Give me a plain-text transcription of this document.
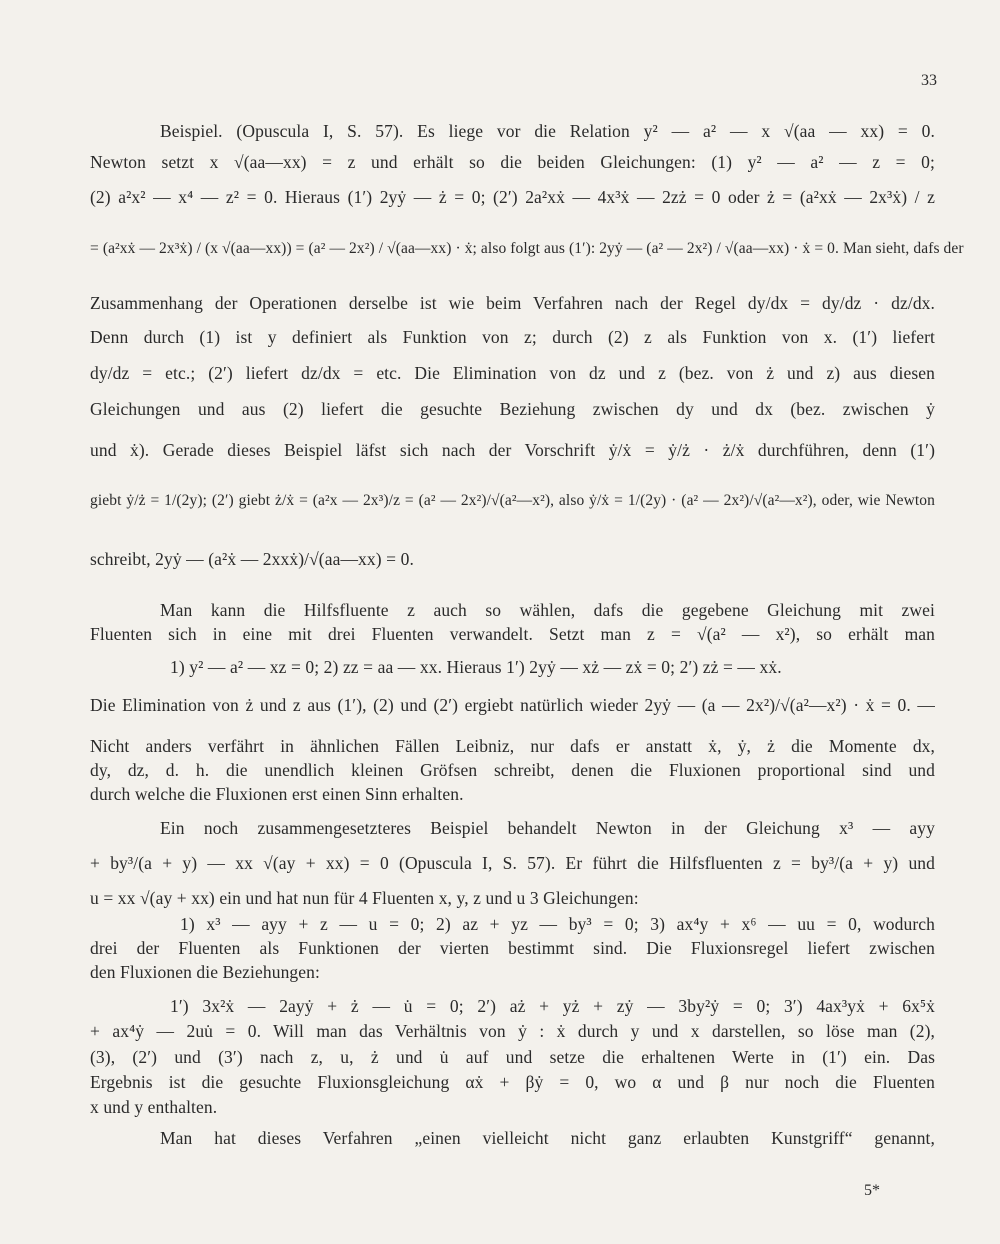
33
Beispiel. (Opuscula I, S. 57). Es liege vor die Relation y² — a² — x √(aa — xx) = 0.
Newton setzt x √(aa—xx) = z und erhält so die beiden Gleichungen: (1) y² — a² — z = 0;
(2) a²x² — x⁴ — z² = 0. Hieraus (1′) 2yẏ — ż = 0; (2′) 2a²xẋ — 4x³ẋ — 2zż = 0 oder ż = (a²xẋ — 2x³ẋ) / z
= (a²xẋ — 2x³ẋ) / (x √(aa—xx)) = (a² — 2x²) / √(aa—xx) · ẋ; also folgt aus (1′): 2yẏ — (a² — 2x²) / √(aa—xx) · ẋ = 0. Man sieht, dafs der
Zusammenhang der Operationen derselbe ist wie beim Verfahren nach der Regel dy/dx = dy/dz · dz/dx.
Denn durch (1) ist y definiert als Funktion von z; durch (2) z als Funktion von x. (1′) liefert
dy/dz = etc.; (2′) liefert dz/dx = etc. Die Elimination von dz und z (bez. von ż und z) aus diesen
Gleichungen und aus (2) liefert die gesuchte Beziehung zwischen dy und dx (bez. zwischen ẏ
und ẋ). Gerade dieses Beispiel läfst sich nach der Vorschrift ẏ/ẋ = ẏ/ż · ż/ẋ durchführen, denn (1′)
giebt ẏ/ż = 1/(2y); (2′) giebt ż/ẋ = (a²x — 2x³)/z = (a² — 2x²)/√(a²—x²), also ẏ/ẋ = 1/(2y) · (a² — 2x²)/√(a²—x²), oder, wie Newton
schreibt, 2yẏ — (a²ẋ — 2xxẋ)/√(aa—xx) = 0.
Man kann die Hilfsfluente z auch so wählen, dafs die gegebene Gleichung mit zwei
Fluenten sich in eine mit drei Fluenten verwandelt. Setzt man z = √(a² — x²), so erhält man
1) y² — a² — xz = 0; 2) zz = aa — xx. Hieraus 1′) 2yẏ — xż — zẋ = 0; 2′) zż = — xẋ.
Die Elimination von ż und z aus (1′), (2) und (2′) ergiebt natürlich wieder 2yẏ — (a — 2x²)/√(a²—x²) · ẋ = 0. —
Nicht anders verfährt in ähnlichen Fällen Leibniz, nur dafs er anstatt ẋ, ẏ, ż die Momente dx,
dy, dz, d. h. die unendlich kleinen Gröfsen schreibt, denen die Fluxionen proportional sind und
durch welche die Fluxionen erst einen Sinn erhalten.
Ein noch zusammengesetzteres Beispiel behandelt Newton in der Gleichung x³ — ayy
+ by³/(a + y) — xx √(ay + xx) = 0 (Opuscula I, S. 57). Er führt die Hilfsfluenten z = by³/(a + y) und
u = xx √(ay + xx) ein und hat nun für 4 Fluenten x, y, z und u 3 Gleichungen:
1) x³ — ayy + z — u = 0; 2) az + yz — by³ = 0; 3) ax⁴y + x⁶ — uu = 0, wodurch
drei der Fluenten als Funktionen der vierten bestimmt sind. Die Fluxionsregel liefert zwischen
den Fluxionen die Beziehungen:
1′) 3x²ẋ — 2ayẏ + ż — u̇ = 0; 2′) aż + yż + zẏ — 3by²ẏ = 0; 3′) 4ax³yẋ + 6x⁵ẋ
+ ax⁴ẏ — 2uu̇ = 0. Will man das Verhältnis von ẏ : ẋ durch y und x darstellen, so löse man (2),
(3), (2′) und (3′) nach z, u, ż und u̇ auf und setze die erhaltenen Werte in (1′) ein. Das
Ergebnis ist die gesuchte Fluxionsgleichung αẋ + βẏ = 0, wo α und β nur noch die Fluenten
x und y enthalten.
Man hat dieses Verfahren „einen vielleicht nicht ganz erlaubten Kunstgriff“ genannt,
5*
